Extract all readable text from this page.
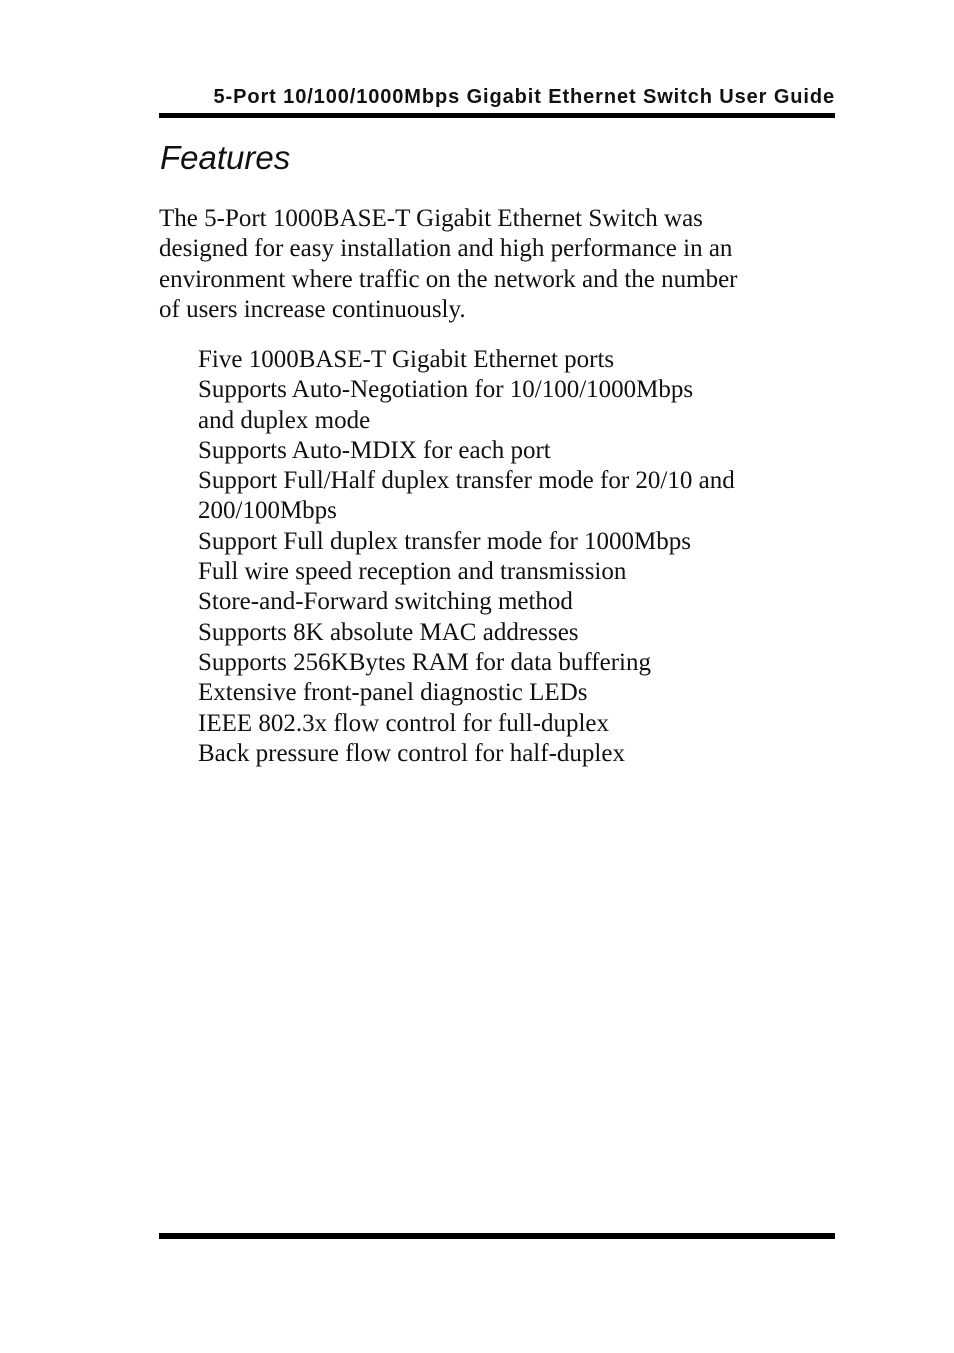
5-Port 10/100/1000Mbps Gigabit Ethernet Switch User Guide
Features

The 5-Port 1000BASE-T Gigabit Ethernet Switch was
designed for easy installation and high performance in an
environment where traffic on the network and the number
of users increase continuously.

Five 1000BASE-T Gigabit Ethernet ports
Supports Auto-Negotiation for 10/100/1000Mbps
and duplex mode
Supports Auto-MDIX for each port
Support Full/Half duplex transfer mode for 20/10 and
200/100Mbps
Support Full duplex transfer mode for 1000Mbps
Full wire speed reception and transmission
Store-and-Forward switching method
Supports 8K absolute MAC addresses
Supports 256KBytes RAM for data buffering
Extensive front-panel diagnostic LEDs
IEEE 802.3x flow control for full-duplex
Back pressure flow control for half-duplex
